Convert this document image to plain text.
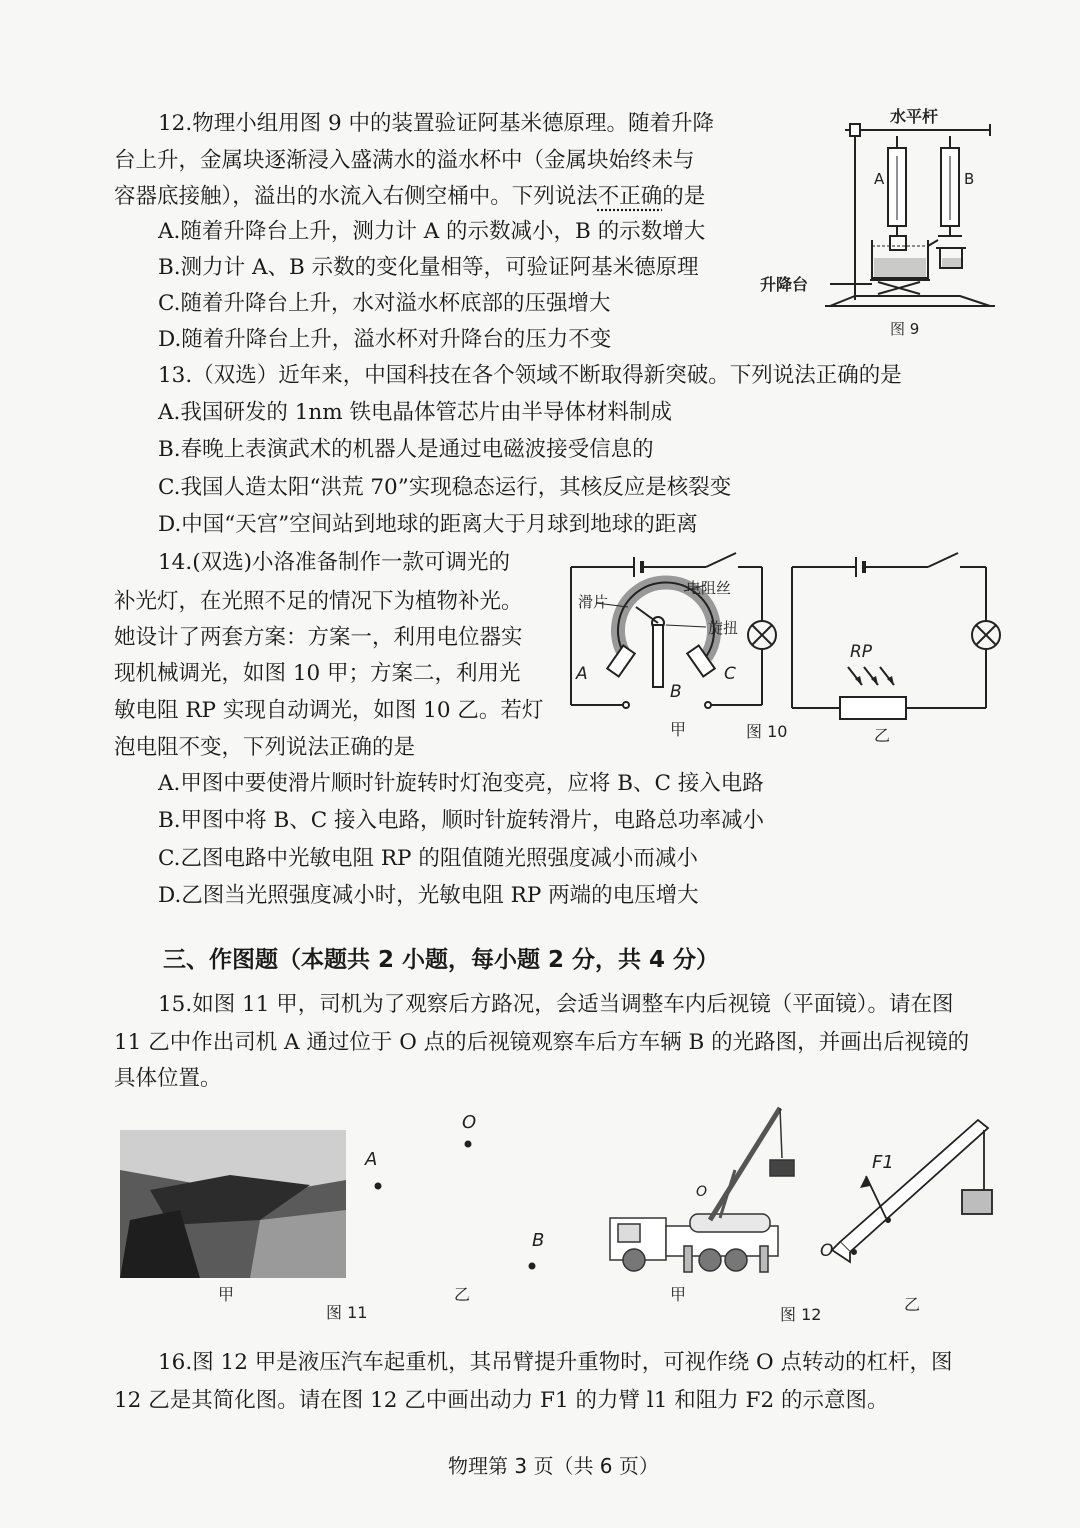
12.物理小组用图 9 中的装置验证阿基米德原理。随着升降
台上升，金属块逐渐浸入盛满水的溢水杯中（金属块始终未与
容器底接触），溢出的水流入右侧空桶中。下列说法不正确的是
A.随着升降台上升，测力计 A 的示数减小，B 的示数增大
B.测力计 A、B 示数的变化量相等，可验证阿基米德原理
C.随着升降台上升，水对溢水杯底部的压强增大
D.随着升降台上升，溢水杯对升降台的压力不变
水平杆
A	B
升降台
图 9
13.（双选）近年来，中国科技在各个领域不断取得新突破。下列说法正确的是
A.我国研发的 1nm 铁电晶体管芯片由半导体材料制成
B.春晚上表演武术的机器人是通过电磁波接受信息的
C.我国人造太阳“洪荒 70”实现稳态运行，其核反应是核裂变
D.中国“天宫”空间站到地球的距离大于月球到地球的距离
14.(双选)小洛准备制作一款可调光的
补光灯，在光照不足的情况下为植物补光。
她设计了两套方案：方案一，利用电位器实
现机械调光，如图 10 甲；方案二，利用光
敏电阻 RP 实现自动调光，如图 10 乙。若灯
泡电阻不变，下列说法正确的是
A.甲图中要使滑片顺时针旋转时灯泡变亮，应将 B、C 接入电路
B.甲图中将 B、C 接入电路，顺时针旋转滑片，电路总功率减小
C.乙图电路中光敏电阻 RP 的阻值随光照强度减小而减小
D.乙图当光照强度减小时，光敏电阻 RP 两端的电压增大
滑片
电阻丝
旋扭
A
B
C
RP
甲	图 10	乙
三、作图题（本题共 2 小题，每小题 2 分，共 4 分）
15.如图 11 甲，司机为了观察后方路况，会适当调整车内后视镜（平面镜）。请在图
11 乙中作出司机 A 通过位于 O 点的后视镜观察车后方车辆 B 的光路图，并画出后视镜的
具体位置。
A
O
B
甲
图 11
乙
O
甲
F1
O
乙
图 12
16.图 12 甲是液压汽车起重机，其吊臂提升重物时，可视作绕 O 点转动的杠杆，图
12 乙是其简化图。请在图 12 乙中画出动力 F1 的力臂 l1 和阻力 F2 的示意图。
物理第 3 页（共 6 页）
